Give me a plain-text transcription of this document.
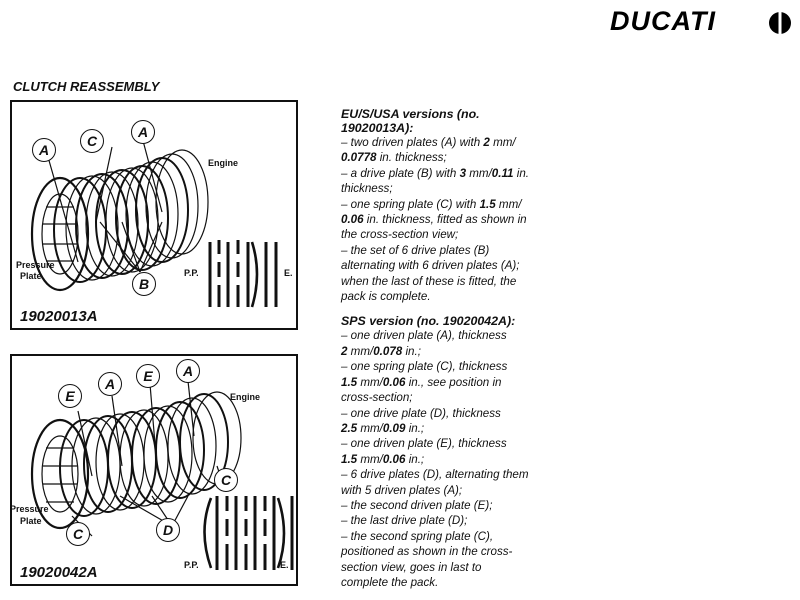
DUCATI
CLUTCH REASSEMBLY
A
C
A
B
Engine
Pressure
Plate	P.P.	E.
19020013A
E
A	E	A
C
C	D
Engine
Pressure
Plate
P.P.	E.
19020042A
EU/S/USA versions (no.
19020013A):
– two driven plates (A) with 2 mm/
0.0778 in. thickness;
– a drive plate (B) with 3 mm/0.11 in.
thickness;
– one spring plate (C) with 1.5 mm/
0.06 in. thickness, fitted as shown in
the cross-section view;
– the set of 6 drive plates (B)
alternating with 6 driven plates (A);
when the last of these is fitted, the
pack is complete.
SPS version (no. 19020042A):
– one driven plate (A), thickness
2 mm/0.078 in.;
– one spring plate (C), thickness
1.5 mm/0.06 in., see position in
cross-section;
– one drive plate (D), thickness
2.5 mm/0.09 in.;
– one driven plate (E), thickness
1.5 mm/0.06 in.;
– 6 drive plates (D), alternating them
with 5 driven plates (A);
– the second driven plate (E);
– the last drive plate (D);
– the second spring plate (C),
positioned as shown in the cross-
section view, goes in last to
complete the pack.
